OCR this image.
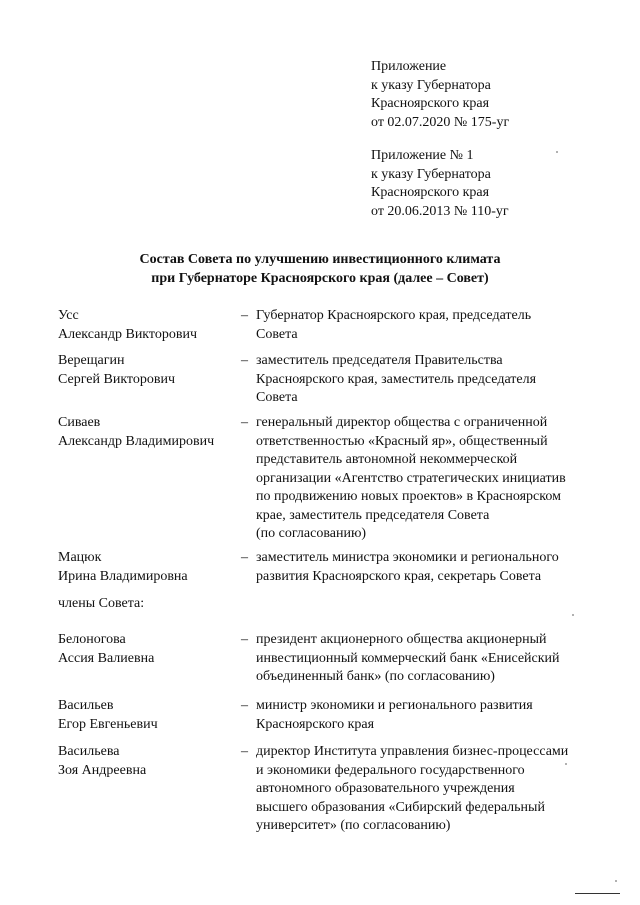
Приложение
к указу Губернатора
Красноярского края
от 02.07.2020 № 175-уг
Приложение № 1
к указу Губернатора
Красноярского края
от 20.06.2013 № 110-уг
Состав Совета по улучшению инвестиционного климата
при Губернаторе Красноярского края (далее – Совет)
Усс
Александр Викторович
– Губернатор Красноярского края, председатель
Совета
Верещагин
Сергей Викторович
– заместитель председателя Правительства
Красноярского края, заместитель председателя
Совета
Сиваев
Александр Владимирович
– генеральный директор общества с ограниченной
ответственностью «Красный яр», общественный
представитель автономной некоммерческой
организации «Агентство стратегических инициатив
по продвижению новых проектов» в Красноярском
крае, заместитель председателя Совета
(по согласованию)
Мацюк
Ирина Владимировна
– заместитель министра экономики и регионального
развития Красноярского края, секретарь Совета
члены Совета:
Белоногова
Ассия Валиевна
– президент акционерного общества акционерный
инвестиционный коммерческий банк «Енисейский
объединенный банк» (по согласованию)
Васильев
Егор Евгеньевич
– министр экономики и регионального развития
Красноярского края
Васильева
Зоя Андреевна
– директор Института управления бизнес-процессами
и экономики федерального государственного
автономного образовательного учреждения
высшего образования «Сибирский федеральный
университет» (по согласованию)
